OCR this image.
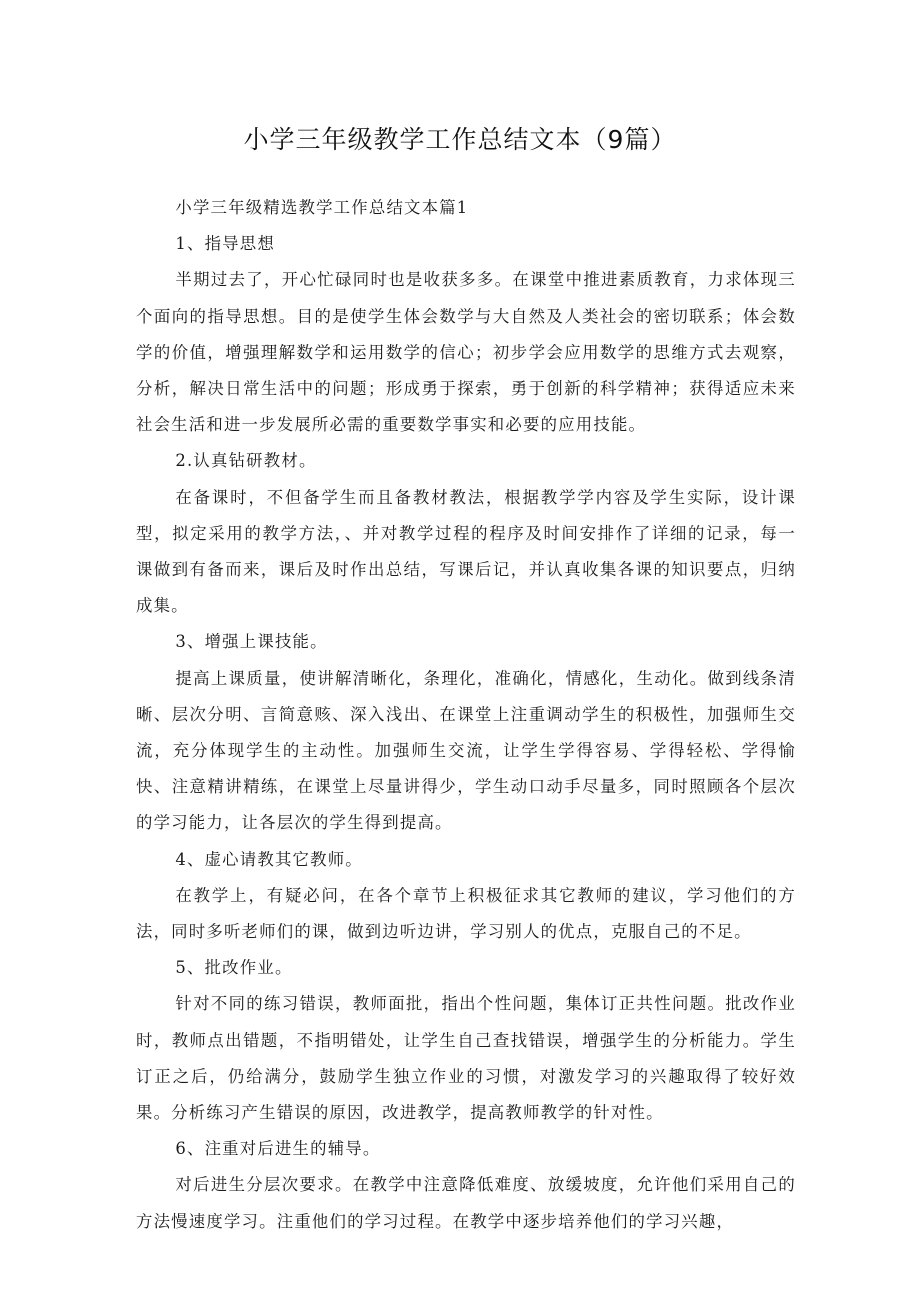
小学三年级教学工作总结文本（9篇）

小学三年级精选教学工作总结文本篇1

1、指导思想

半期过去了，开心忙碌同时也是收获多多。在课堂中推进素质教育，力求体现三个面向的指导思想。目的是使学生体会数学与大自然及人类社会的密切联系；体会数学的价值，增强理解数学和运用数学的信心；初步学会应用数学的思维方式去观察，分析，解决日常生活中的问题；形成勇于探索，勇于创新的科学精神；获得适应未来社会生活和进一步发展所必需的重要数学事实和必要的应用技能。

2.认真钻研教材。

在备课时，不但备学生而且备教材教法，根据教学学内容及学生实际，设计课型，拟定采用的教学方法，、并对教学过程的程序及时间安排作了详细的记录，每一课做到有备而来，课后及时作出总结，写课后记，并认真收集各课的知识要点，归纳成集。

3、增强上课技能。

提高上课质量，使讲解清晰化，条理化，准确化，情感化，生动化。做到线条清晰、层次分明、言简意赅、深入浅出、在课堂上注重调动学生的积极性，加强师生交流，充分体现学生的主动性。加强师生交流，让学生学得容易、学得轻松、学得愉快、注意精讲精练，在课堂上尽量讲得少，学生动口动手尽量多，同时照顾各个层次的学习能力，让各层次的学生得到提高。

4、虚心请教其它教师。

在教学上，有疑必问，在各个章节上积极征求其它教师的建议，学习他们的方法，同时多听老师们的课，做到边听边讲，学习别人的优点，克服自己的不足。

5、批改作业。

针对不同的练习错误，教师面批，指出个性问题，集体订正共性问题。批改作业时，教师点出错题，不指明错处，让学生自己查找错误，增强学生的分析能力。学生订正之后，仍给满分，鼓励学生独立作业的习惯，对激发学习的兴趣取得了较好效果。分析练习产生错误的原因，改进教学，提高教师教学的针对性。

6、注重对后进生的辅导。

对后进生分层次要求。在教学中注意降低难度、放缓坡度，允许他们采用自己的方法慢速度学习。注重他们的学习过程。在教学中逐步培养他们的学习兴趣，
